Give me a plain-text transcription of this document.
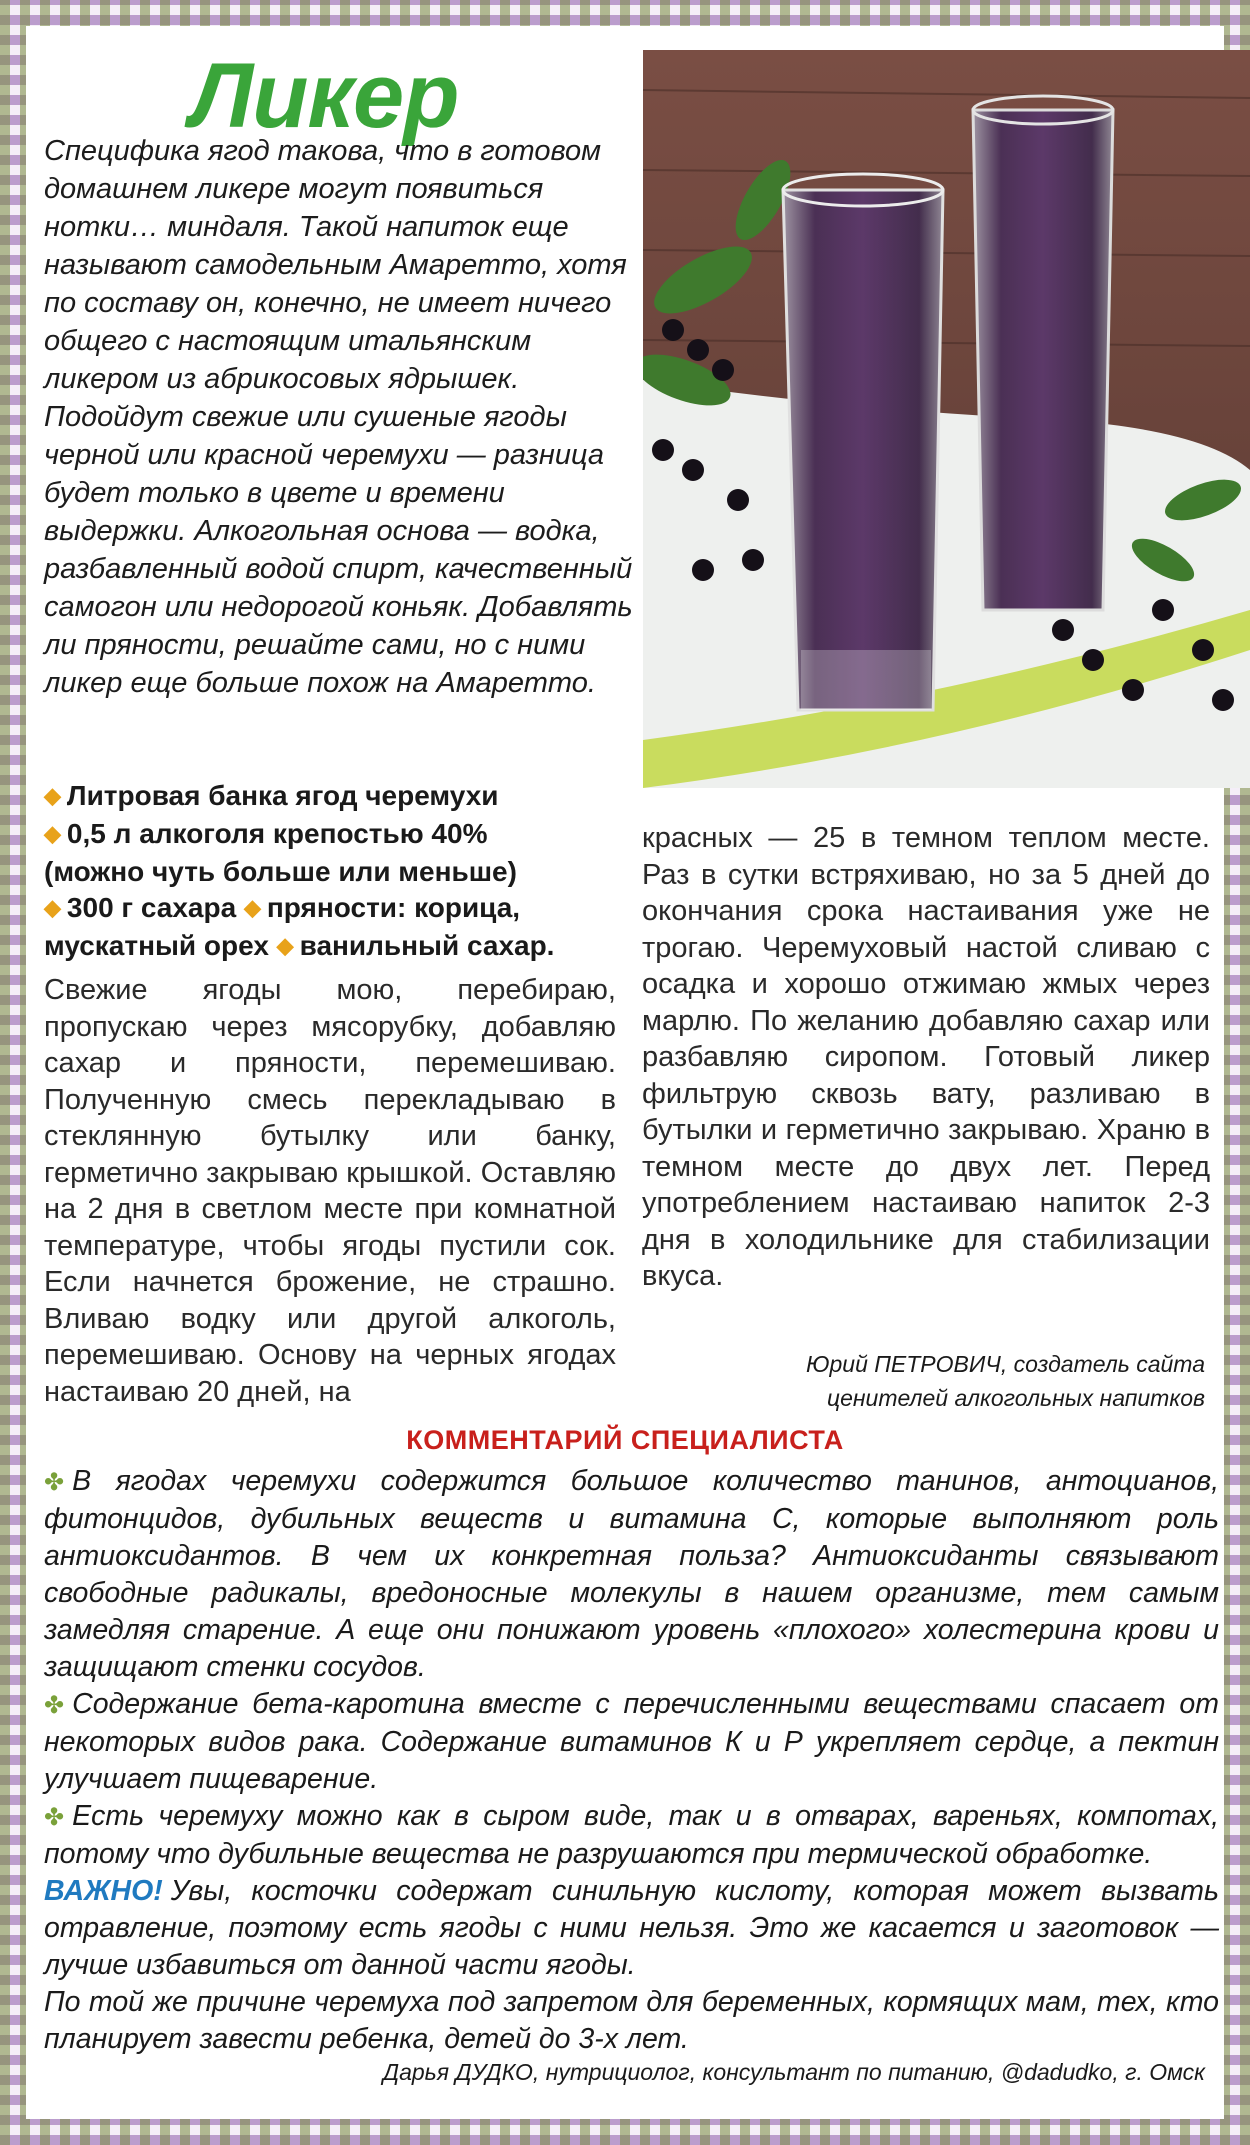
Ликер

Специфика ягод такова, что в готовом домашнем ликере могут появиться нотки… миндаля. Такой напиток еще называют самодельным Амаретто, хотя по составу он, конечно, не имеет ничего общего с настоящим итальянским ликером из абрикосовых ядрышек. Подойдут свежие или сушеные ягоды черной или красной черемухи — разница будет только в цвете и времени выдержки. Алкогольная основа — водка, разбавленный водой спирт, качественный самогон или недорогой коньяк. Добавлять ли пряности, решайте сами, но с ними ликер еще больше похож на Амаретто.

◆ Литровая банка ягод черемухи
◆ 0,5 л алкоголя крепостью 40%
(можно чуть больше или меньше)
◆ 300 г сахара ◆ пряности: корица,
мускатный орех ◆ ванильный сахар.

Свежие ягоды мою, перебираю, пропускаю через мясорубку, добавляю сахар и пряности, перемешиваю. Полученную смесь перекладываю в стеклянную бутылку или банку, герметично закрываю крышкой. Оставляю на 2 дня в светлом месте при комнатной температуре, чтобы ягоды пустили сок. Если начнется брожение, не страшно. Вливаю водку или другой алкоголь, перемешиваю. Основу на черных ягодах настаиваю 20 дней, на

красных — 25 в темном теплом месте. Раз в сутки встряхиваю, но за 5 дней до окончания срока настаивания уже не трогаю. Черемуховый настой сливаю с осадка и хорошо отжимаю жмых через марлю. По желанию добавляю сахар или разбавляю сиропом. Готовый ликер фильтрую сквозь вату, разливаю в бутылки и герметично закрываю. Храню в темном месте до двух лет. Перед употреблением настаиваю напиток 2-3 дня в холодильнике для стабилизации вкуса.

Юрий ПЕТРОВИЧ, создатель сайта
ценителей алкогольных напитков

КОММЕНТАРИЙ СПЕЦИАЛИСТА

✤ В ягодах черемухи содержится большое количество танинов, антоцианов, фитонцидов, дубильных веществ и витамина С, которые выполняют роль антиоксидантов. В чем их конкретная польза? Антиоксиданты связывают свободные радикалы, вредоносные молекулы в нашем организме, тем самым замедляя старение. А еще они понижают уровень «плохого» холестерина крови и защищают стенки сосудов.

✤ Содержание бета-каротина вместе с перечисленными веществами спасает от некоторых видов рака. Содержание витаминов К и Р укрепляет сердце, а пектин улучшает пищеварение.

✤ Есть черемуху можно как в сыром виде, так и в отварах, вареньях, компотах, потому что дубильные вещества не разрушаются при термической обработке.

ВАЖНО! Увы, косточки содержат синильную кислоту, которая может вызвать отравление, поэтому есть ягоды с ними нельзя. Это же касается и заготовок — лучше избавиться от данной части ягоды.

По той же причине черемуха под запретом для беременных, кормящих мам, тех, кто планирует завести ребенка, детей до 3-х лет.

Дарья ДУДКО, нутрициолог, консультант по питанию, @dadudko, г. Омск
